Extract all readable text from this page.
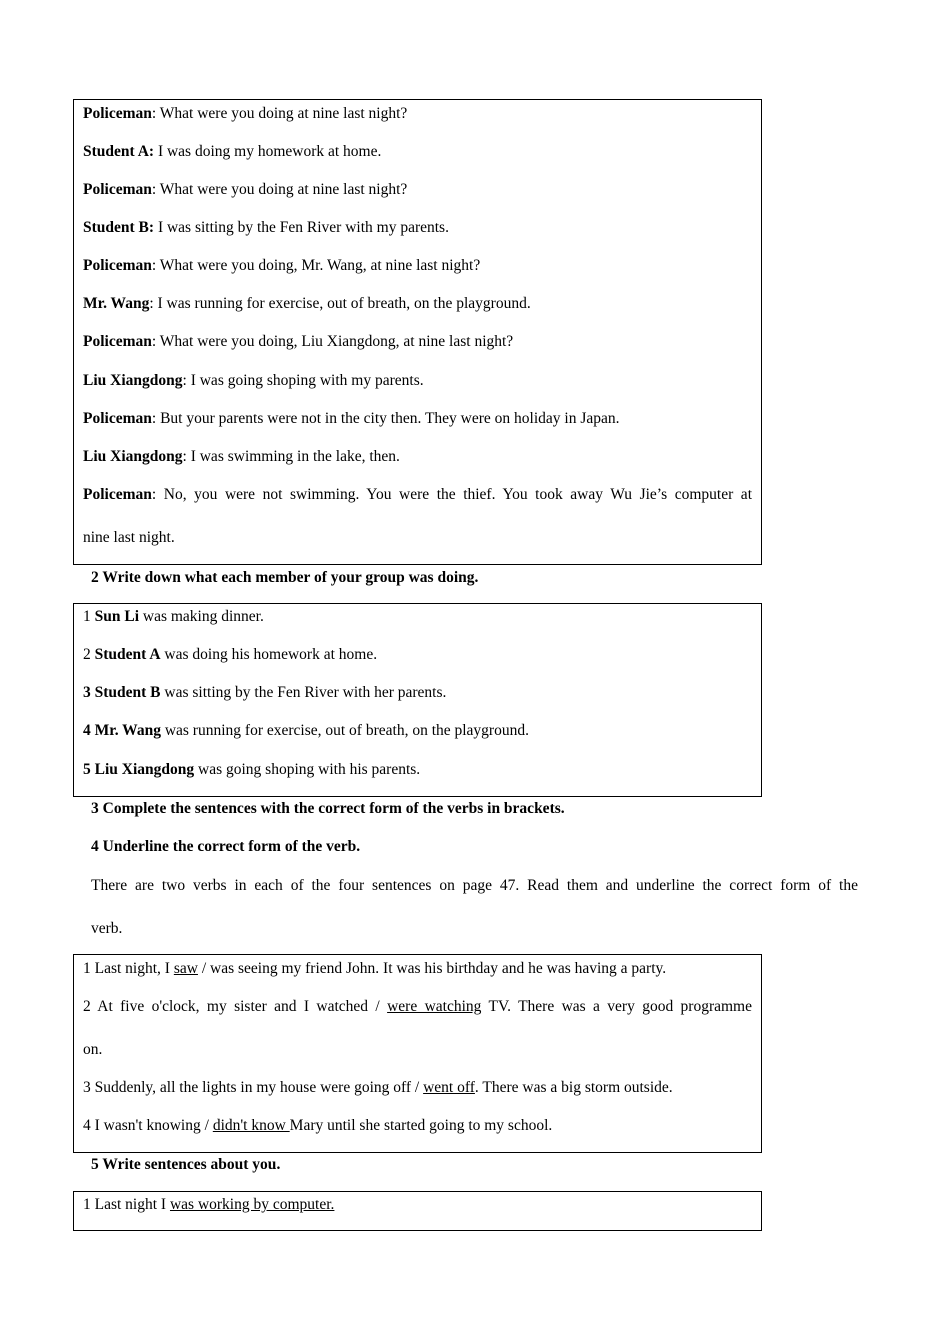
Policeman: What were you doing at nine last night?
Student A: I was doing my homework at home.
Policeman: What were you doing at nine last night?
Student B: I was sitting by the Fen River with my parents.
Policeman: What were you doing, Mr. Wang, at nine last night?
Mr. Wang: I was running for exercise, out of breath, on the playground.
Policeman: What were you doing, Liu Xiangdong, at nine last night?
Liu Xiangdong: I was going shoping with my parents.
Policeman: But your parents were not in the city then. They were on holiday in Japan.
Liu Xiangdong: I was swimming in the lake, then.
Policeman: No, you were not swimming. You were the thief. You took away Wu Jie’s computer at
nine last night.
2 Write down what each member of your group was doing.
1 Sun Li was making dinner.
2 Student A was doing his homework at home.
3 Student B was sitting by the Fen River with her parents.
4 Mr. Wang was running for exercise, out of breath, on the playground.
5 Liu Xiangdong was going shoping with his parents.
3 Complete the sentences with the correct form of the verbs in brackets.
4 Underline the correct form of the verb.
There are two verbs in each of the four sentences on page 47. Read them and underline the correct form of the
verb.
1 Last night, I saw / was seeing my friend John. It was his birthday and he was having a party.
2 At five o'clock, my sister and I watched / were watching TV. There was a very good programme
on.
3 Suddenly, all the lights in my house were going off / went off. There was a big storm outside.
4 I wasn't knowing / didn't know Mary until she started going to my school.
5 Write sentences about you.
1 Last night I was working by computer.
